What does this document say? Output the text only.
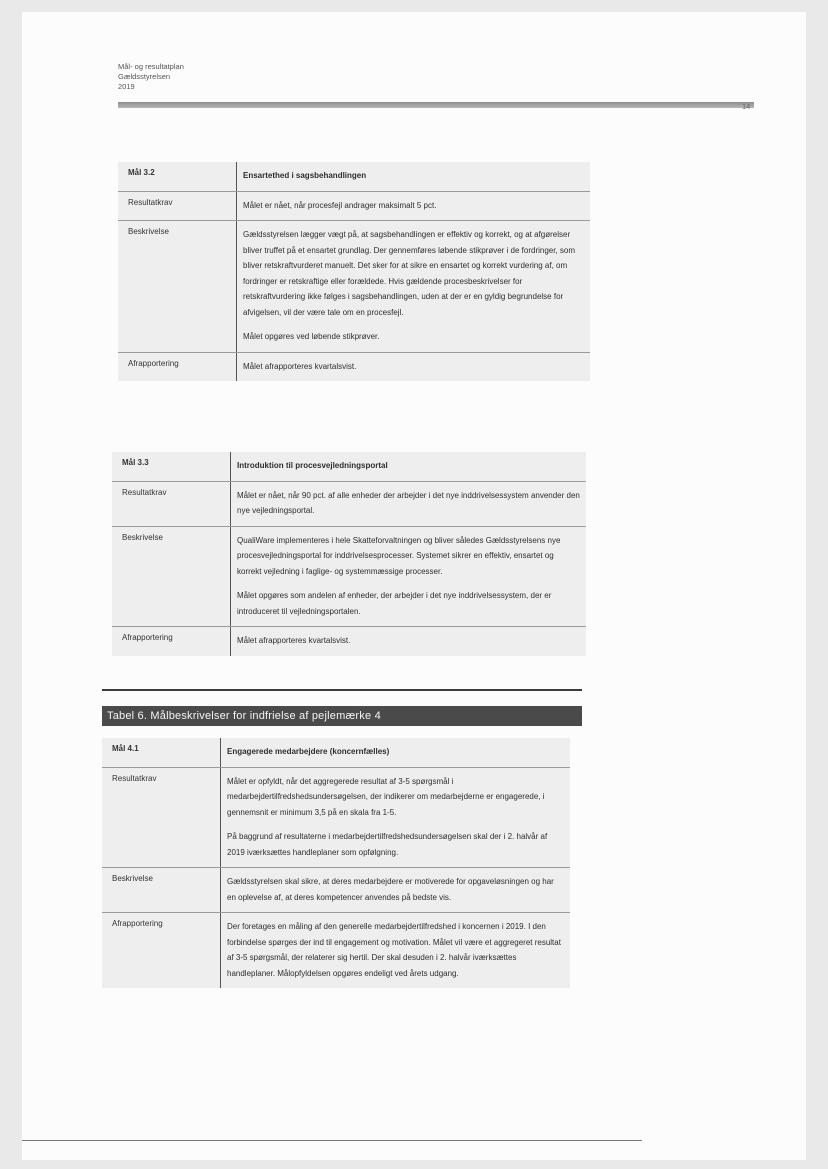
Mål- og resultatplan
Gældsstyrelsen
2019
14
Mål 3.2	Ensartethed i sagsbehandlingen
Resultatkrav	Målet er nået, når procesfejl andrager maksimalt 5 pct.
Beskrivelse	Gældsstyrelsen lægger vægt på, at sagsbehandlingen er effektiv og korrekt, og at afgørelser bliver truffet på et ensartet grundlag. Der gennemføres løbende stikprøver i de fordringer, som bliver retskraftvurderet manuelt. Det sker for at sikre en ensartet og korrekt vurdering af, om fordringer er retskraftige eller forældede. Hvis gældende procesbeskrivelser for retskraftvurdering ikke følges i sagsbehandlingen, uden at der er en gyldig begrundelse for afvigelsen, vil der være tale om en procesfejl.

Målet opgøres ved løbende stikprøver.

Afrapportering	Målet afrapporteres kvartalsvist.
Mål 3.3	Introduktion til procesvejledningsportal
Resultatkrav	Målet er nået, når 90 pct. af alle enheder der arbejder i det nye inddrivelsessystem anvender den nye vejledningsportal.
Beskrivelse	QualiWare implementeres i hele Skatteforvaltningen og bliver således Gældsstyrelsens nye procesvejledningsportal for inddrivelsesprocesser. Systemet sikrer en effektiv, ensartet og korrekt vejledning i faglige- og systemmæssige processer.

Målet opgøres som andelen af enheder, der arbejder i det nye inddrivelsessystem, der er introduceret til vejledningsportalen.

Afrapportering	Målet afrapporteres kvartalsvist.
Tabel 6. Målbeskrivelser for indfrielse af pejlemærke 4
Mål 4.1	Engagerede medarbejdere (koncernfælles)
Resultatkrav	Målet er opfyldt, når det aggregerede resultat af 3-5 spørgsmål i medarbejdertilfredshedsundersøgelsen, der indikerer om medarbejderne er engagerede, i gennemsnit er minimum 3,5 på en skala fra 1-5.

På baggrund af resultaterne i medarbejdertilfredshedsundersøgelsen skal der i 2. halvår af 2019 iværksættes handleplaner som opfølgning.

Beskrivelse	Gældsstyrelsen skal sikre, at deres medarbejdere er motiverede for opgaveløsningen og har en oplevelse af, at deres kompetencer anvendes på bedste vis.
Afrapportering	Der foretages en måling af den generelle medarbejdertilfredshed i koncernen i 2019. I den forbindelse spørges der ind til engagement og motivation. Målet vil være et aggregeret resultat af 3-5 spørgsmål, der relaterer sig hertil. Der skal desuden i 2. halvår iværksættes handleplaner. Målopfyldelsen opgøres endeligt ved årets udgang.
